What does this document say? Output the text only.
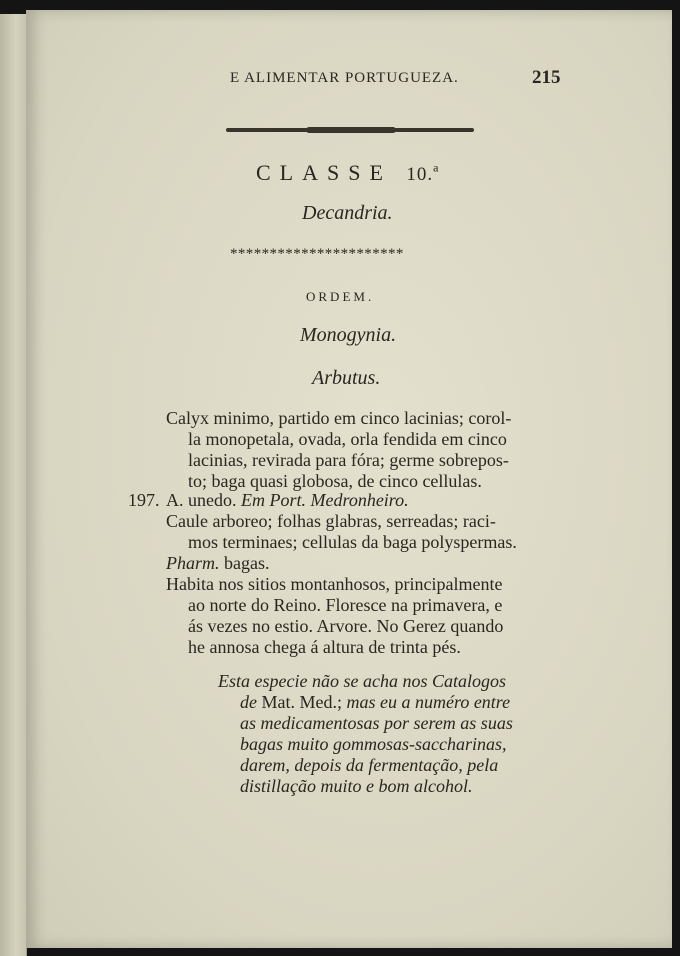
E ALIMENTAR PORTUGUEZA.	215
CLASSE 10.$^a$
Decandria.
**********************
ORDEM.
Monogynia.
Arbutus.
Calyx minimo, partido em cinco lacinias; corol-
la monopetala, ovada, orla fendida em cinco
lacinias, revirada para fóra; germe sobrepos-
to; baga quasi globosa, de cinco cellulas.
197. A. unedo. Em Port. Medronheiro.
Caule arboreo; folhas glabras, serreadas; raci-
mos terminaes; cellulas da baga polyspermas.
Pharm. bagas.
Habita nos sitios montanhosos, principalmente
ao norte do Reino. Floresce na primavera, e
ás vezes no estio. Arvore. No Gerez quando
he annosa chega á altura de trinta pés.
Esta especie não se acha nos Catalogos
de Mat. Med.; mas eu a numéro entre
as medicamentosas por serem as suas
bagas muito gommosas-saccharinas,
darem, depois da fermentação, pela
distillação muito e bom alcohol.
